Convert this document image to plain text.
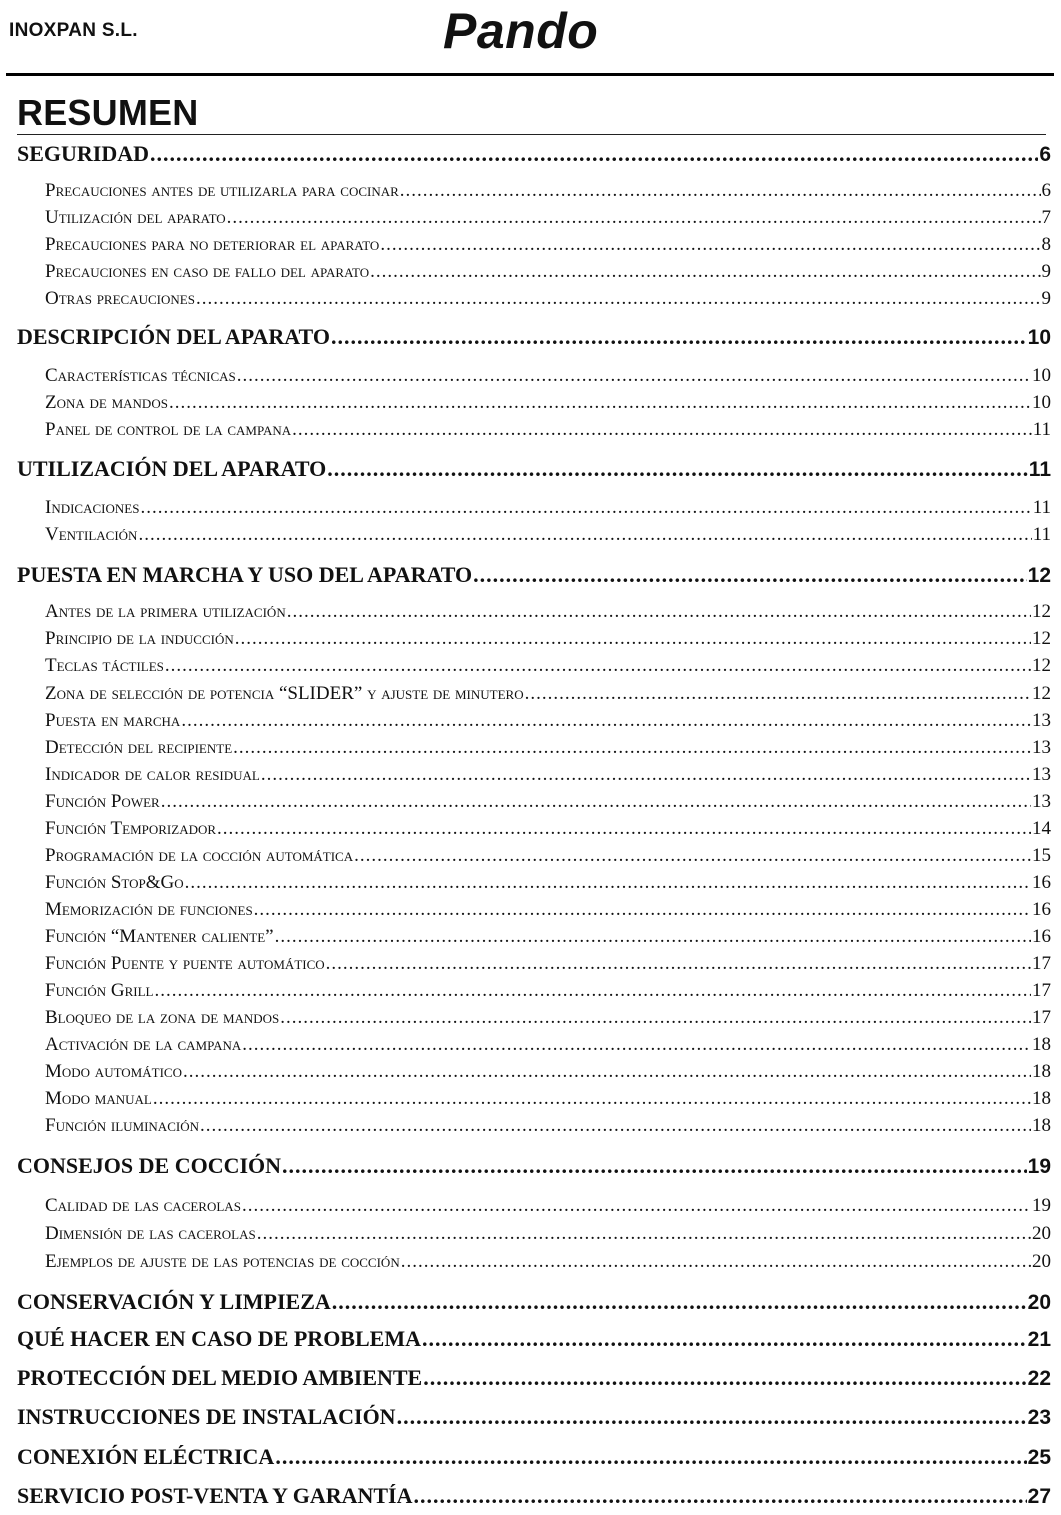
INOXPAN S.L.	Pando
RESUMEN
SEGURIDAD .....	6
Precauciones antes de utilizarla para cocinar .....	6
Utilización del aparato .....	7
Precauciones para no deteriorar el aparato .....	8
Precauciones en caso de fallo del aparato .....	9
Otras precauciones .....	9
DESCRIPCIÓN DEL APARATO .....	10
Características técnicas .....	10
Zona de mandos .....	10
Panel de control de la campana .....	11
UTILIZACIÓN DEL APARATO .....	11
Indicaciones .....	11
Ventilación .....	11
PUESTA EN MARCHA Y USO DEL APARATO .....	12
Antes de la primera utilización .....	12
Principio de la inducción .....	12
Teclas táctiles .....	12
Zona de selección de potencia “SLIDER” y ajuste de minutero .....	12
Puesta en marcha .....	13
Detección del recipiente .....	13
Indicador de calor residual .....	13
Función Power .....	13
Función Temporizador .....	14
Programación de la cocción automática .....	15
Función Stop&Go .....	16
Memorización de funciones .....	16
Función “Mantener caliente” .....	16
Función Puente y puente automático .....	17
Función Grill .....	17
Bloqueo de la zona de mandos .....	17
Activación de la campana .....	18
Modo automático .....	18
Modo manual .....	18
Función iluminación .....	18
CONSEJOS DE COCCIÓN .....	19
Calidad de las cacerolas .....	19
Dimensión de las cacerolas .....	20
Ejemplos de ajuste de las potencias de cocción .....	20
CONSERVACIÓN Y LIMPIEZA .....	20
QUÉ HACER EN CASO DE PROBLEMA .....	21
PROTECCIÓN DEL MEDIO AMBIENTE .....	22
INSTRUCCIONES DE INSTALACIÓN .....	23
CONEXIÓN ELÉCTRICA .....	25
SERVICIO POST-VENTA Y GARANTÍA .....	27
